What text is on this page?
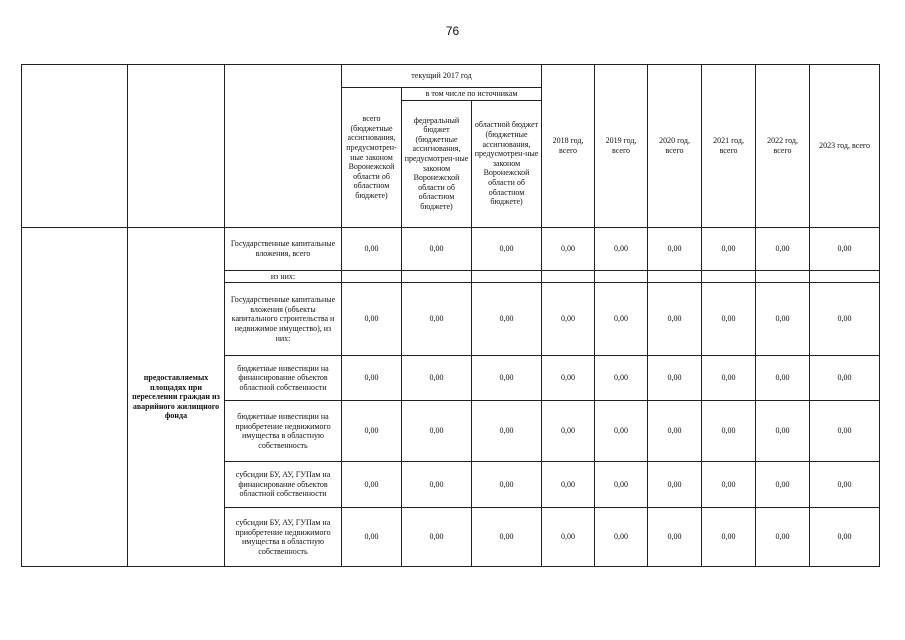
76
			текущий 2017 год			2018 год, всего	2019 год, всего	2020 год, всего	2021 год, всего	2022 год, всего	2023 год, всего
			всего (бюджетные ассигнования, предусмотрен-ные законом Воронежской области об областном бюджете)	в том числе по источникам							
				федеральный бюджет (бюджетные ассигнования, предусмотрен-ные законом Воронежской области об областном бюджете)	областной бюджет (бюджетные ассигнования, предусмотрен-ные законом Воронежской области об областном бюджете)						
	предоставляемых площадях при переселении граждан из аварийного жилищного фонда	Государственные капитальные вложения, всего	0,00	0,00	0,00	0,00	0,00	0,00	0,00	0,00	0,00
		из них:									
		Государственные капитальные вложения (объекты капитального строительства и недвижимое имущество), из них:	0,00	0,00	0,00	0,00	0,00	0,00	0,00	0,00	0,00
		бюджетные инвестиции на финансирование объектов областной собственности	0,00	0,00	0,00	0,00	0,00	0,00	0,00	0,00	0,00
		бюджетные инвестиции на приобретение недвижимого имущества в областную собственность	0,00	0,00	0,00	0,00	0,00	0,00	0,00	0,00	0,00
		субсидии БУ, АУ, ГУПам на финансирование объектов областной собственности	0,00	0,00	0,00	0,00	0,00	0,00	0,00	0,00	0,00
		субсидии БУ, АУ, ГУПам на приобретение недвижимого имущества в областную собственность	0,00	0,00	0,00	0,00	0,00	0,00	0,00	0,00	0,00
